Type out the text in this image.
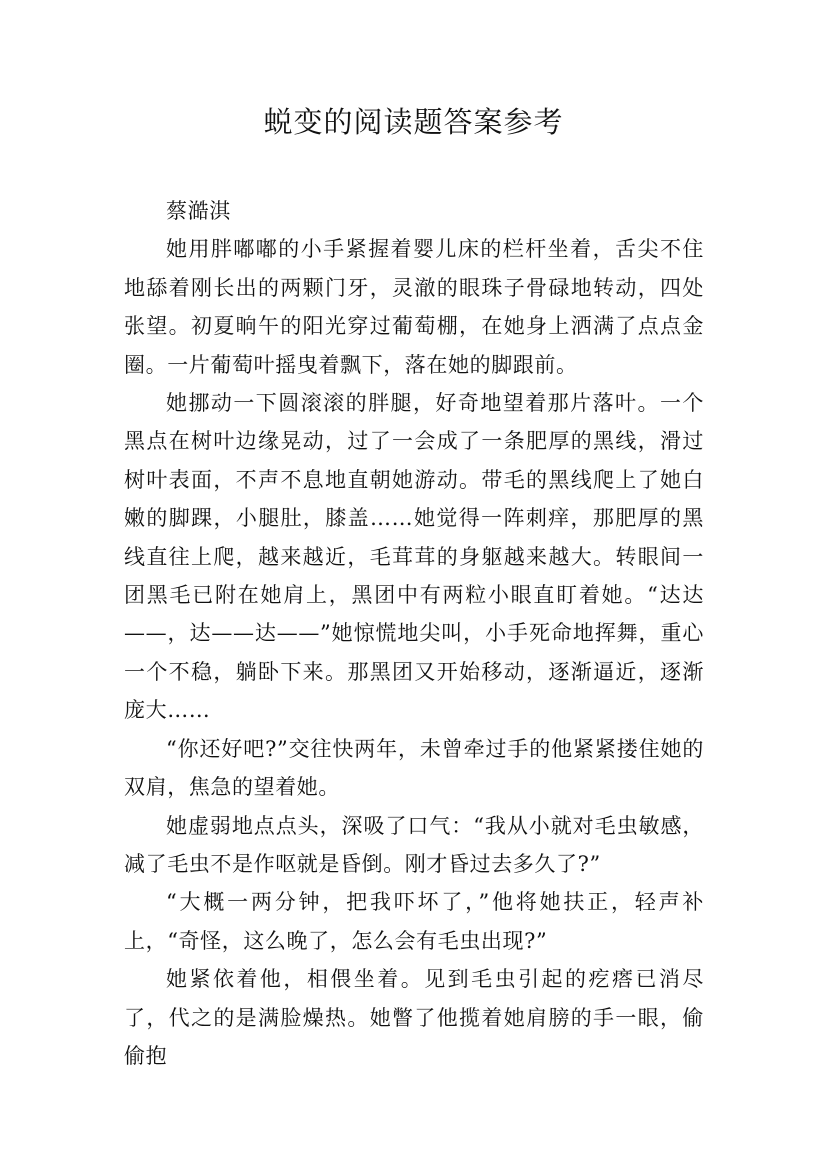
蜕变的阅读题答案参考

蔡澔淇

她用胖嘟嘟的小手紧握着婴儿床的栏杆坐着，舌尖不住地舔着刚长出的两颗门牙，灵澈的眼珠子骨碌地转动，四处张望。初夏晌午的阳光穿过葡萄棚，在她身上洒满了点点金圈。一片葡萄叶摇曳着飘下，落在她的脚跟前。

她挪动一下圆滚滚的胖腿，好奇地望着那片落叶。一个黑点在树叶边缘晃动，过了一会成了一条肥厚的黑线，滑过树叶表面，不声不息地直朝她游动。带毛的黑线爬上了她白嫩的脚踝，小腿肚，膝盖……她觉得一阵刺痒，那肥厚的黑线直往上爬，越来越近，毛茸茸的身躯越来越大。转眼间一团黑毛已附在她肩上，黑团中有两粒小眼直盯着她。“达达——，达——达——”她惊慌地尖叫，小手死命地挥舞，重心一个不稳，躺卧下来。那黑团又开始移动，逐渐逼近，逐渐庞大……

“你还好吧?”交往快两年，未曾牵过手的他紧紧搂住她的双肩，焦急的望着她。

她虚弱地点点头，深吸了口气：“我从小就对毛虫敏感，减了毛虫不是作呕就是昏倒。刚才昏过去多久了?”

“大概一两分钟，把我吓坏了，”他将她扶正，轻声补上，“奇怪，这么晚了，怎么会有毛虫出现?”

她紧依着他，相偎坐着。见到毛虫引起的疙瘩已消尽了，代之的是满脸燥热。她瞥了他揽着她肩膀的手一眼，偷偷抱
